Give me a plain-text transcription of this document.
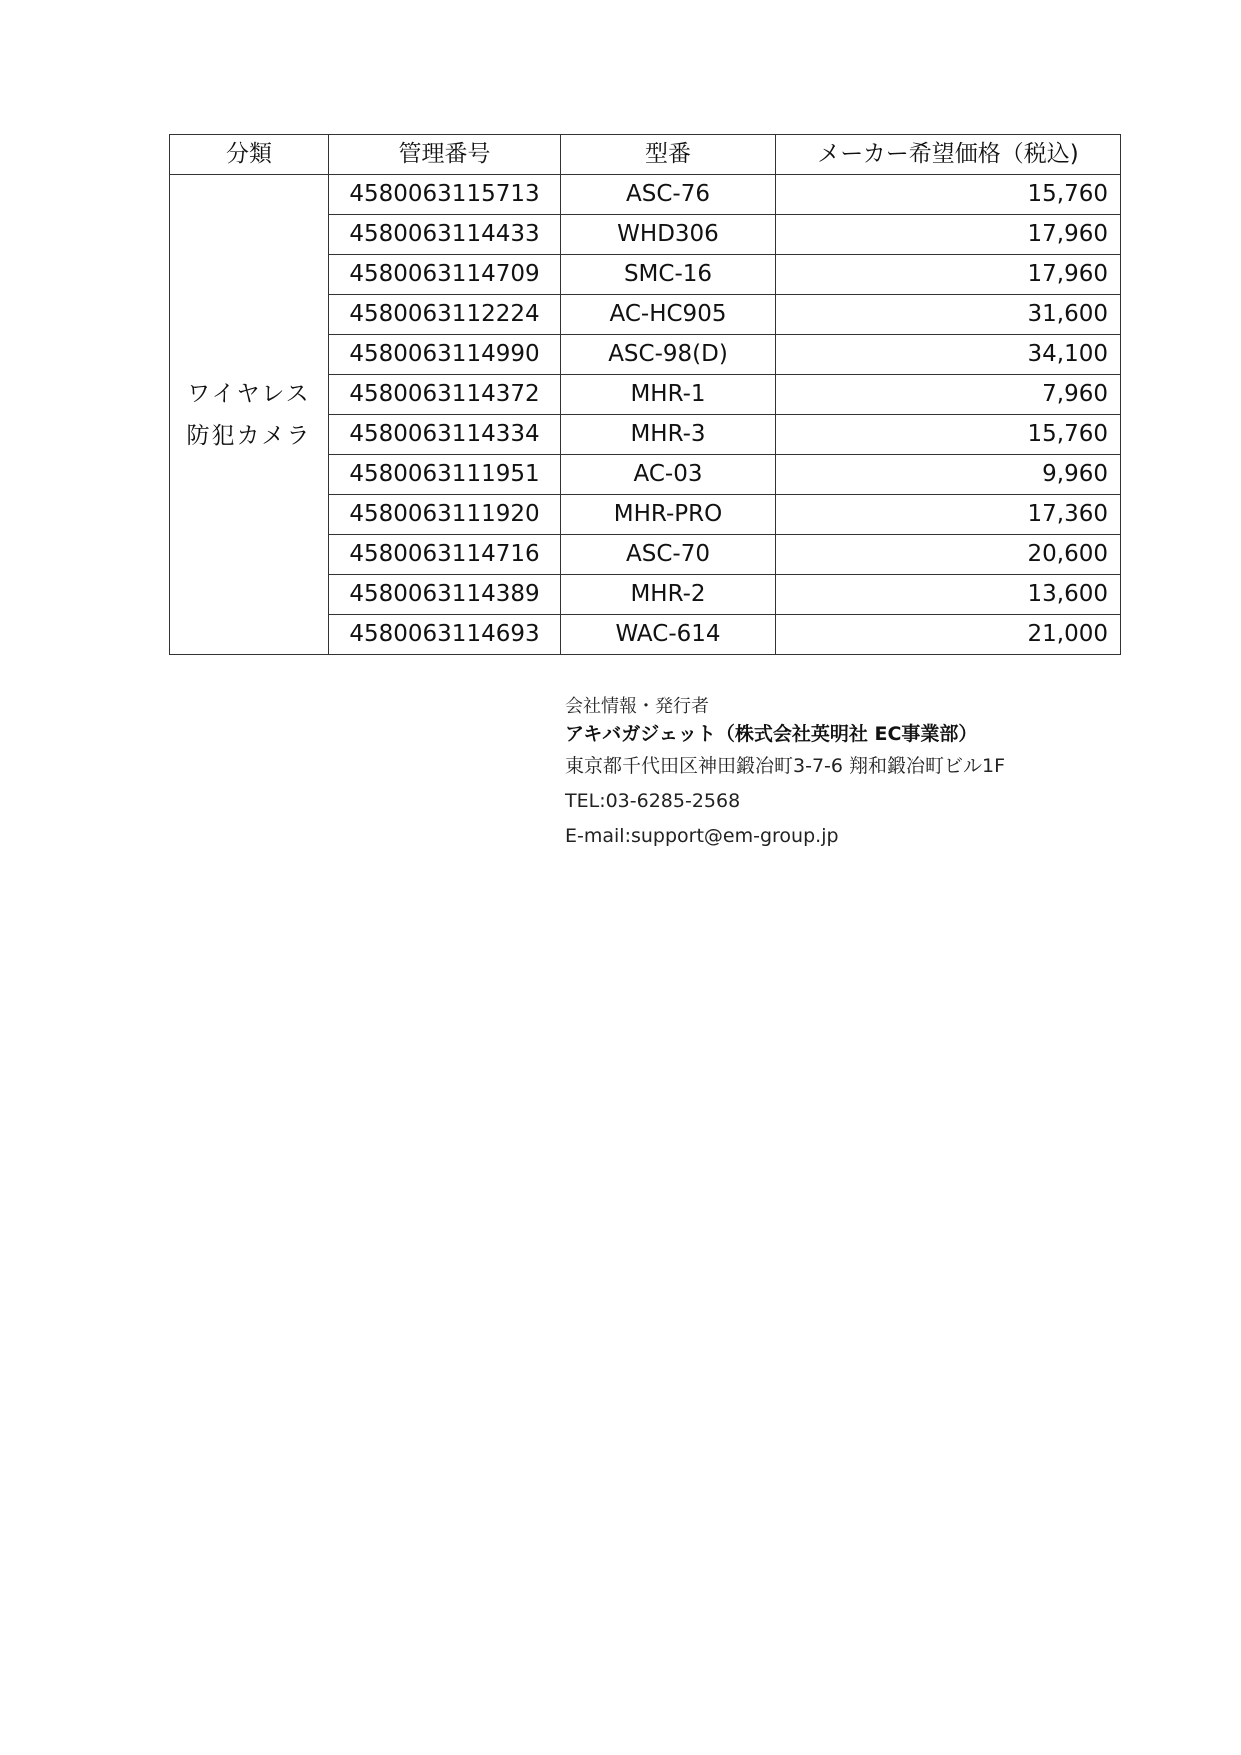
分類	管理番号	型番	メーカー希望価格（税込)

ワイヤレス
防犯カメラ	4580063115713	ASC-76	15,760
	4580063114433	WHD306	17,960
	4580063114709	SMC-16	17,960
	4580063112224	AC-HC905	31,600
	4580063114990	ASC-98(D)	34,100
	4580063114372	MHR-1	7,960
	4580063114334	MHR-3	15,760
	4580063111951	AC-03	9,960
	4580063111920	MHR-PRO	17,360
	4580063114716	ASC-70	20,600
	4580063114389	MHR-2	13,600
	4580063114693	WAC-614	21,000

会社情報・発行者

アキバガジェット（株式会社英明社 EC事業部）

東京都千代田区神田鍛冶町3-7-6 翔和鍛冶町ビル1F

TEL:03-6285-2568

E-mail:support@em-group.jp
